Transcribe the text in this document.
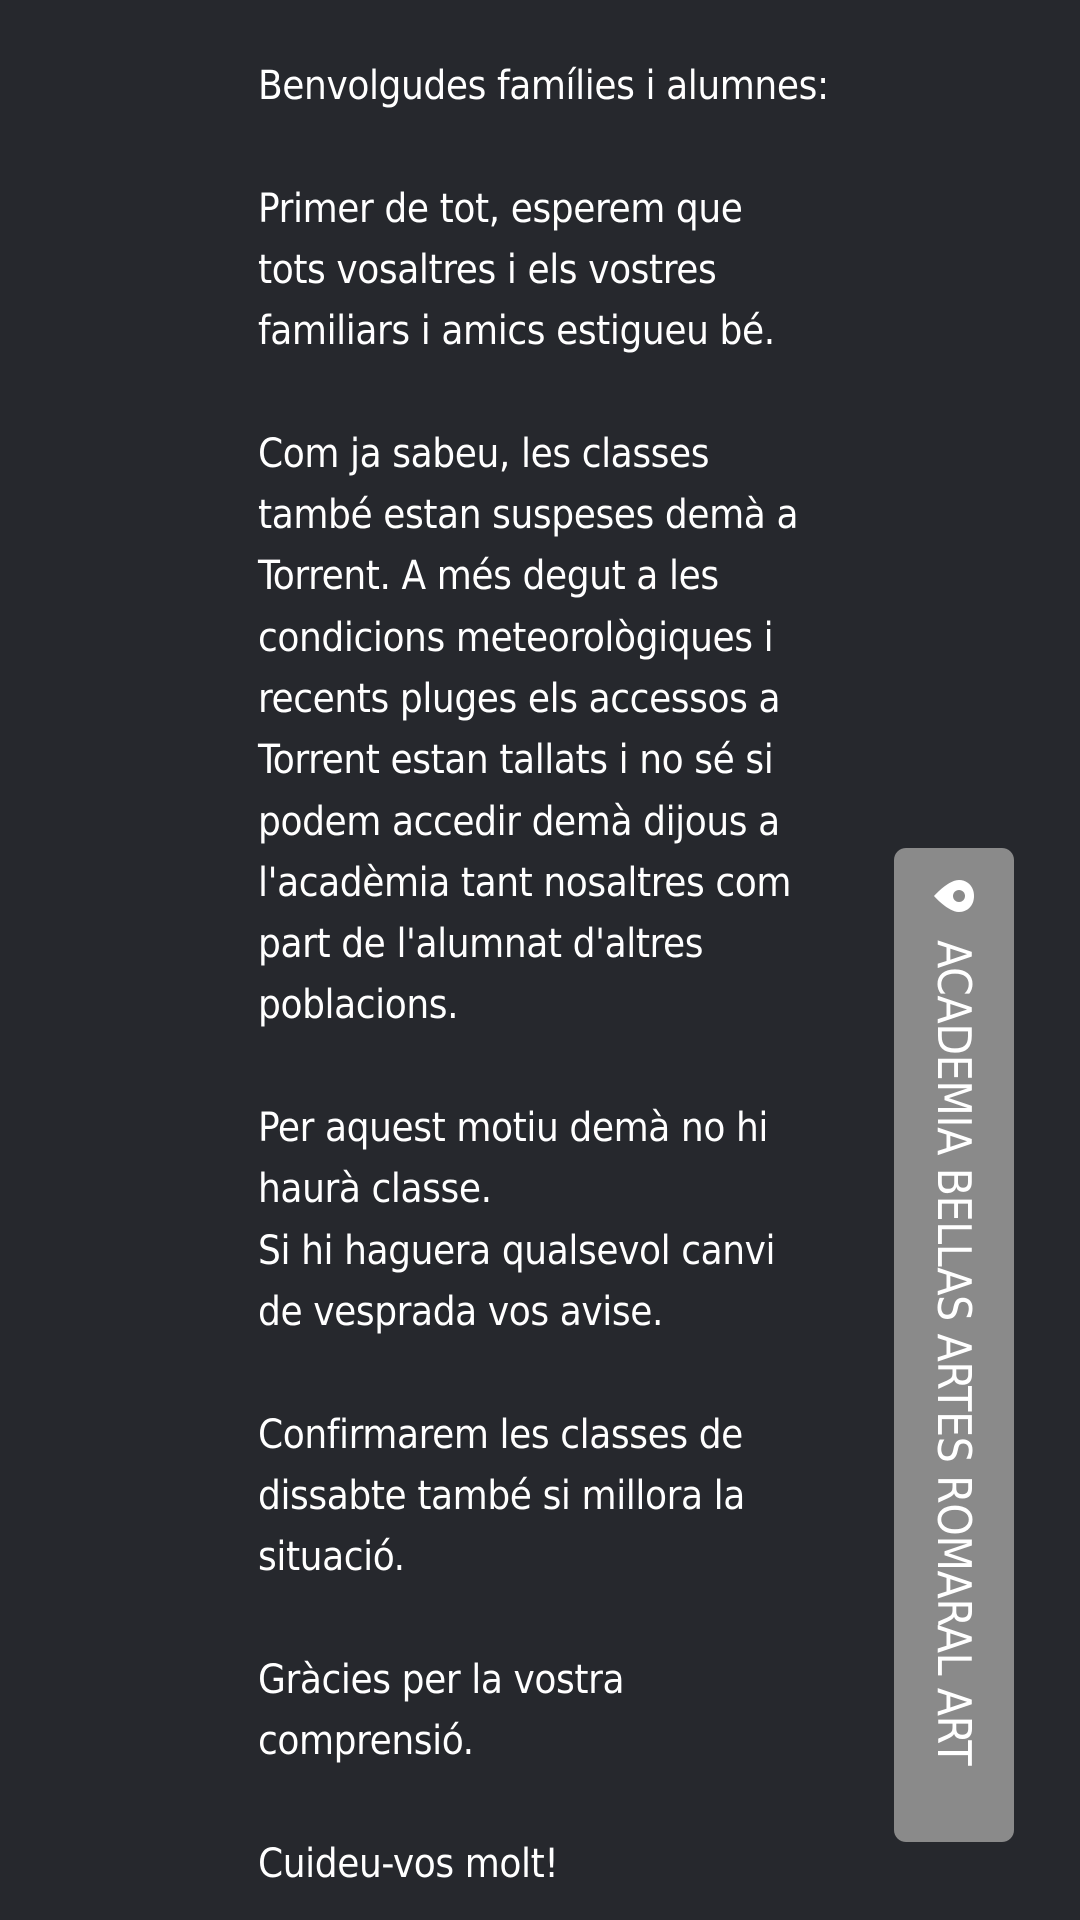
Benvolgudes famílies i alumnes:

Primer de tot, esperem que

tots vosaltres i els vostres

familiars i amics estigueu bé.

Com ja sabeu, les classes

també estan suspeses demà a

Torrent. A més degut a les

condicions meteorològiques i

recents pluges els accessos a

Torrent estan tallats i no sé si

podem accedir demà dijous a

l'acadèmia tant nosaltres com

part de l'alumnat d'altres

poblacions.

Per aquest motiu demà no hi

haurà classe.

Si hi haguera qualsevol canvi

de vesprada vos avise.

Confirmarem les classes de

dissabte també si millora la

situació.

Gràcies per la vostra

comprensió.

Cuideu-vos molt!

ACADEMIA BELLAS ARTES ROMARAL ART
